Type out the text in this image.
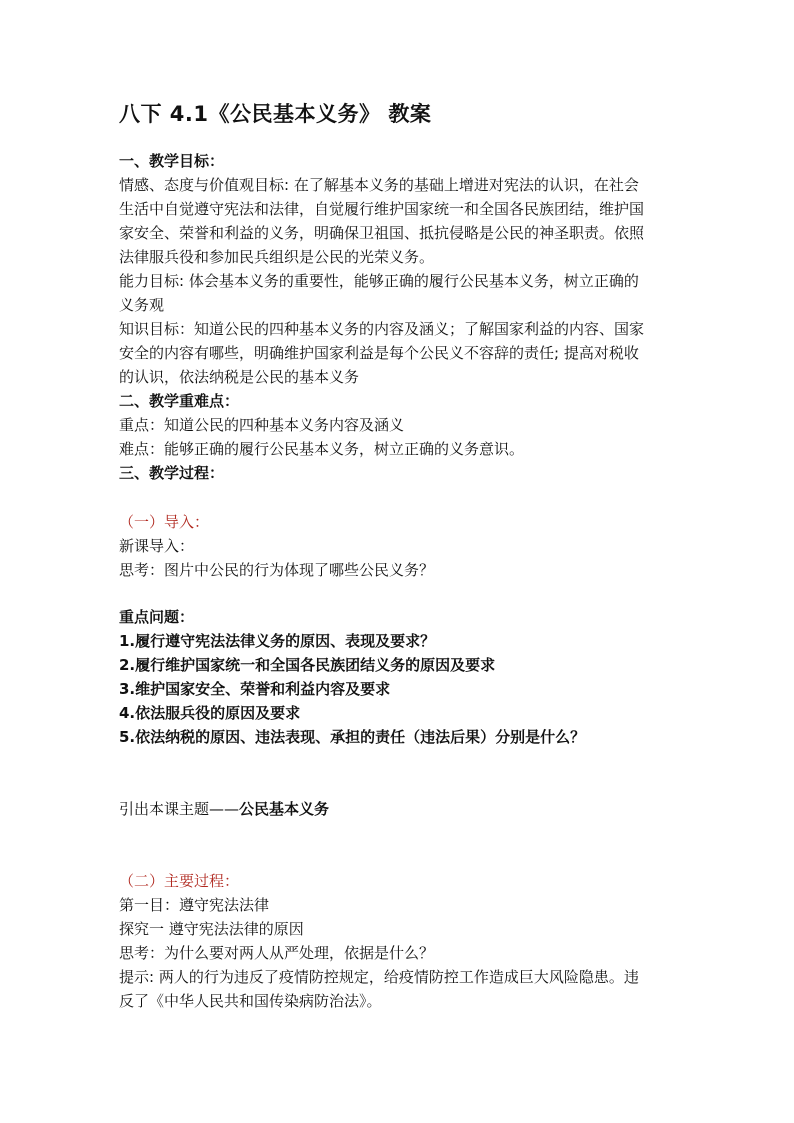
八下 4.1《公民基本义务》 教案
一、教学目标：
情感、态度与价值观目标: 在了解基本义务的基础上增进对宪法的认识，在社会
生活中自觉遵守宪法和法律，自觉履行维护国家统一和全国各民族团结，维护国
家安全、荣誉和利益的义务，明确保卫祖国、抵抗侵略是公民的神圣职责。依照
法律服兵役和参加民兵组织是公民的光荣义务。
能力目标: 体会基本义务的重要性，能够正确的履行公民基本义务，树立正确的
义务观
知识目标：知道公民的四种基本义务的内容及涵义；了解国家利益的内容、国家
安全的内容有哪些，明确维护国家利益是每个公民义不容辞的责任; 提高对税收
的认识，依法纳税是公民的基本义务
二、教学重难点：
重点：知道公民的四种基本义务内容及涵义
难点：能够正确的履行公民基本义务，树立正确的义务意识。
三、教学过程：
（一）导入：
新课导入：
思考：图片中公民的行为体现了哪些公民义务？
重点问题：
1.履行遵守宪法法律义务的原因、表现及要求？
2.履行维护国家统一和全国各民族团结义务的原因及要求
3.维护国家安全、荣誉和利益内容及要求
4.依法服兵役的原因及要求
5.依法纳税的原因、违法表现、承担的责任（违法后果）分别是什么？
引出本课主题——公民基本义务
（二）主要过程：
第一目：遵守宪法法律
探究一 遵守宪法法律的原因
思考：为什么要对两人从严处理，依据是什么？
提示: 两人的行为违反了疫情防控规定，给疫情防控工作造成巨大风险隐患。违
反了《中华人民共和国传染病防治法》。
